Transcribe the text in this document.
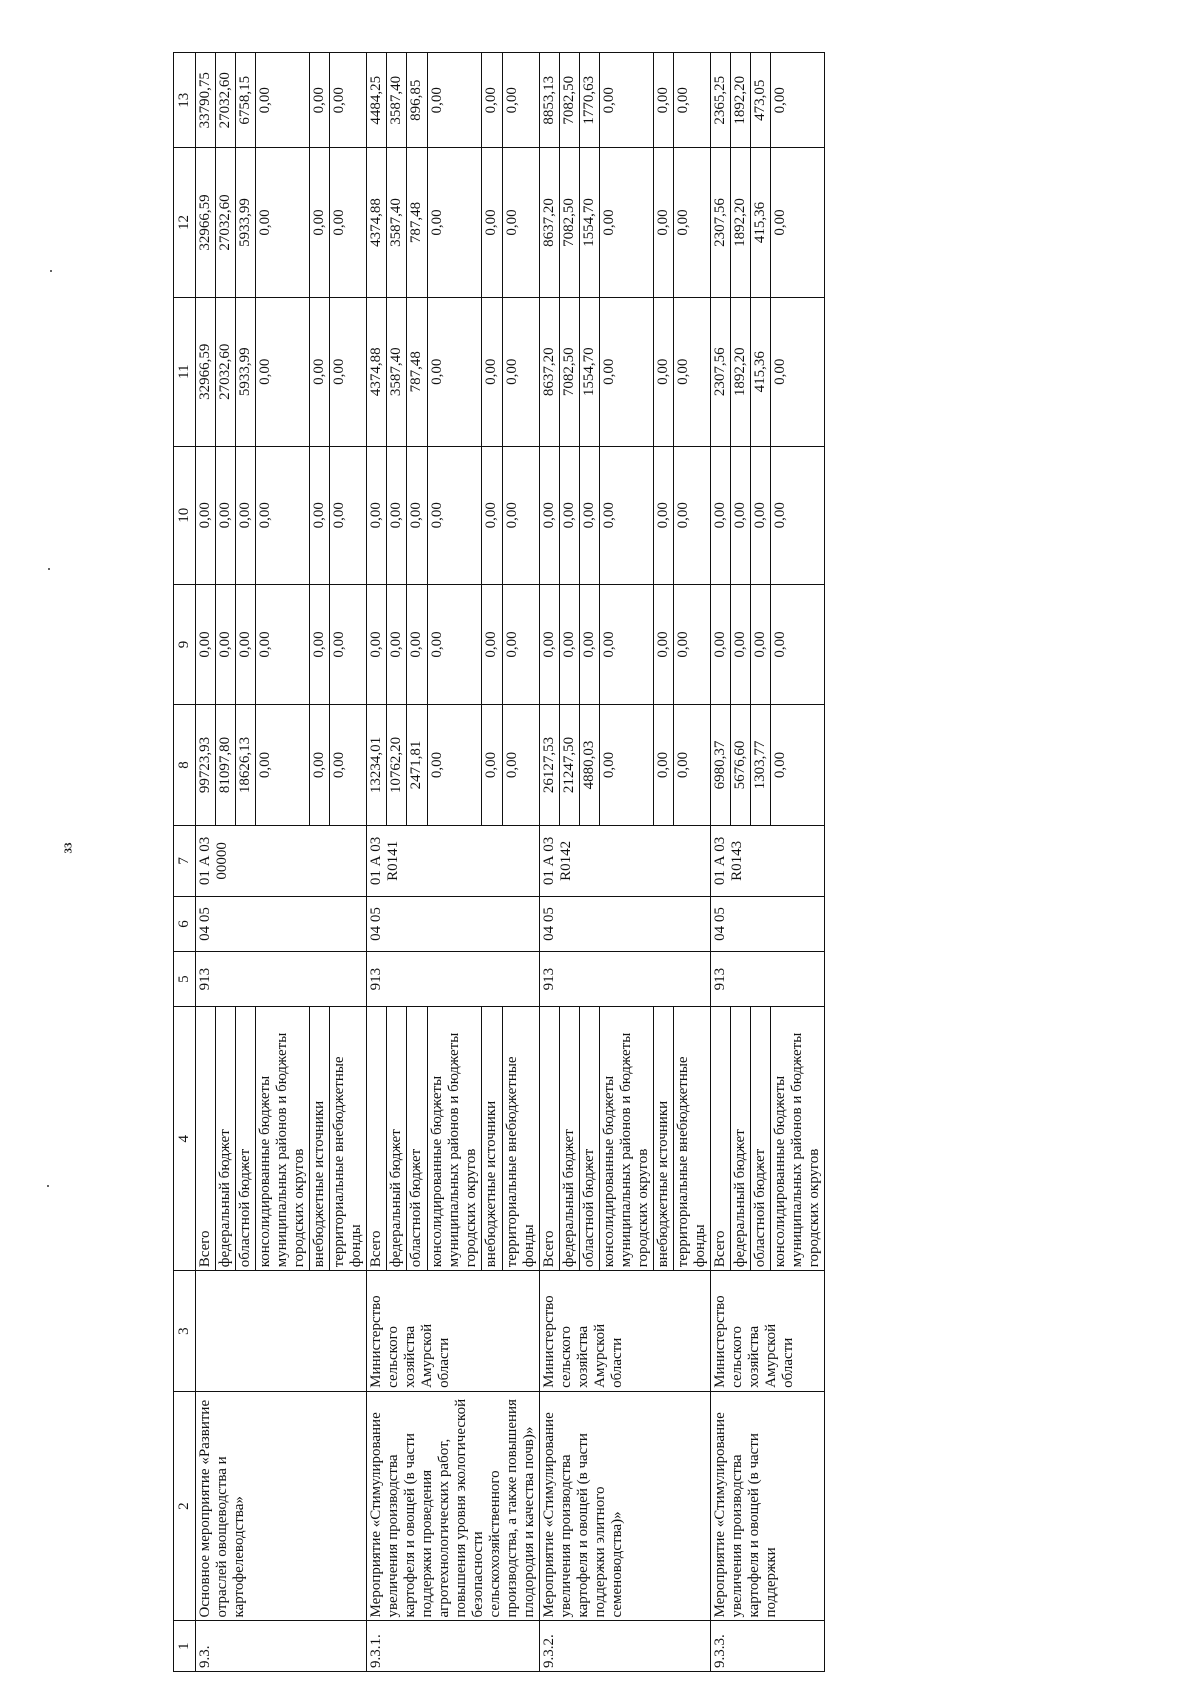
33
1	2	3	4	5	6	7	8	9	10	11	12	13
9.3.	Основное мероприятие «Развитие отраслей овощеводства и картофелеводства»		Всего	913	04 05	01 А 03 00000	99723,93	0,00	0,00	32966,59	32966,59	33790,75
			федеральный бюджет				81097,80	0,00	0,00	27032,60	27032,60	27032,60
			областной бюджет				18626,13	0,00	0,00	5933,99	5933,99	6758,15
			консолидированные бюджеты муниципальных районов и бюджеты городских округов				0,00	0,00	0,00	0,00	0,00	0,00
			внебюджетные источники				0,00	0,00	0,00	0,00	0,00	0,00
			территориальные внебюджетные фонды				0,00	0,00	0,00	0,00	0,00	0,00
9.3.1.	Мероприятие «Стимулирование увеличения производства картофеля и овощей (в части поддержки проведения агротехнологических работ, повышения уровня экологической безопасности сельскохозяйственного производства, а также повышения плодородия и качества почв)»	Министерство сельского хозяйства Амурской области	Всего	913	04 05	01 А 03 R0141	13234,01	0,00	0,00	4374,88	4374,88	4484,25
			федеральный бюджет				10762,20	0,00	0,00	3587,40	3587,40	3587,40
			областной бюджет				2471,81	0,00	0,00	787,48	787,48	896,85
			консолидированные бюджеты муниципальных районов и бюджеты городских округов				0,00	0,00	0,00	0,00	0,00	0,00
			внебюджетные источники				0,00	0,00	0,00	0,00	0,00	0,00
			территориальные внебюджетные фонды				0,00	0,00	0,00	0,00	0,00	0,00
9.3.2.	Мероприятие «Стимулирование увеличения производства картофеля и овощей (в части поддержки элитного семеноводства)»	Министерство сельского хозяйства Амурской области	Всего	913	04 05	01 А 03 R0142	26127,53	0,00	0,00	8637,20	8637,20	8853,13
			федеральный бюджет				21247,50	0,00	0,00	7082,50	7082,50	7082,50
			областной бюджет				4880,03	0,00	0,00	1554,70	1554,70	1770,63
			консолидированные бюджеты муниципальных районов и бюджеты городских округов				0,00	0,00	0,00	0,00	0,00	0,00
			внебюджетные источники				0,00	0,00	0,00	0,00	0,00	0,00
			территориальные внебюджетные фонды				0,00	0,00	0,00	0,00	0,00	0,00
9.3.3.	Мероприятие «Стимулирование увеличения производства картофеля и овощей (в части поддержки	Министерство сельского хозяйства Амурской области	Всего	913	04 05	01 А 03 R0143	6980,37	0,00	0,00	2307,56	2307,56	2365,25
			федеральный бюджет				5676,60	0,00	0,00	1892,20	1892,20	1892,20
			областной бюджет				1303,77	0,00	0,00	415,36	415,36	473,05
			консолидированные бюджеты муниципальных районов и бюджеты городских округов				0,00	0,00	0,00	0,00	0,00	0,00
